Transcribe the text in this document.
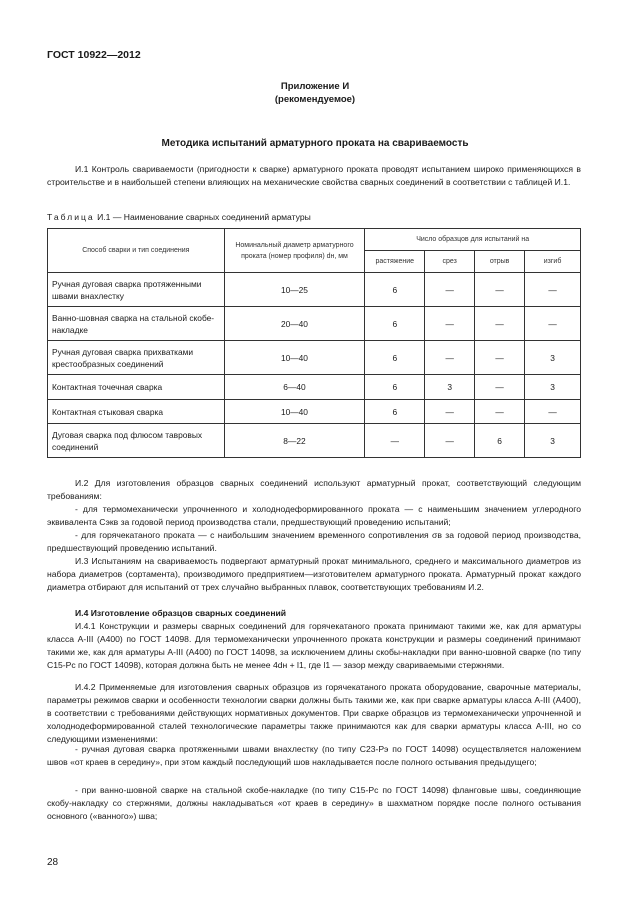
ГОСТ 10922—2012
Приложение И
(рекомендуемое)
Методика испытаний арматурного проката на свариваемость
И.1 Контроль свариваемости (пригодности к сварке) арматурного проката проводят испытанием широко применяющихся в строительстве и в наибольшей степени влияющих на механические свойства сварных соединений в соответствии с таблицей И.1.
Таблица И.1 — Наименование сварных соединений арматуры
Способ сварки и тип соединения	Номинальный диаметр арматурного проката (номер профиля) dн, мм	Число образцов для испытаний на			
		растяжение	срез	отрыв	изгиб
Ручная дуговая сварка протяженными швами внахлестку	10—25	6	—	—	—
Ванно-шовная сварка на стальной скобе-накладке	20—40	6	—	—	—
Ручная дуговая сварка прихватками крестообразных соединений	10—40	6	—	—	3
Контактная точечная сварка	6—40	6	3	—	3
Контактная стыковая сварка	10—40	6	—	—	—
Дуговая сварка под флюсом тавровых соединений	8—22	—	—	6	3
И.2 Для изготовления образцов сварных соединений используют арматурный прокат, соответствующий следующим требованиям:
- для термомеханически упрочненного и холоднодеформированного проката — с наименьшим значением углеродного эквивалента Сэкв за годовой период производства стали, предшествующий проведению испытаний;
- для горячекатаного проката — с наибольшим значением временного сопротивления σв за годовой период производства, предшествующий проведению испытаний.
И.3 Испытаниям на свариваемость подвергают арматурный прокат минимального, среднего и максимального диаметров из набора диаметров (сортамента), производимого предприятием—изготовителем арматурного проката. Арматурный прокат каждого диаметра отбирают для испытаний от трех случайно выбранных плавок, соответствующих требованиям И.2.
И.4 Изготовление образцов сварных соединений
И.4.1 Конструкции и размеры сварных соединений для горячекатаного проката принимают такими же, как для арматуры класса А-III (А400) по ГОСТ 14098. Для термомеханически упрочненного проката конструкции и размеры соединений принимают такими же, как для арматуры А-III (А400) по ГОСТ 14098, за исключением длины скобы-накладки при ванно-шовной сварке (по типу С15-Рс по ГОСТ 14098), которая должна быть не менее 4dн + l1, где l1 — зазор между свариваемыми стержнями.
И.4.2 Применяемые для изготовления сварных образцов из горячекатаного проката оборудование, сварочные материалы, параметры режимов сварки и особенности технологии сварки должны быть такими же, как при сварке арматуры класса А-III (А400), в соответствии с требованиями действующих нормативных документов. При сварке образцов из термомеханически упрочненной и холоднодеформированной сталей технологические параметры также принимаются как для сварки арматуры класса А-III, но со следующими изменениями:
- ручная дуговая сварка протяженными швами внахлестку (по типу С23-Рэ по ГОСТ 14098) осуществляется наложением швов «от краев в середину», при этом каждый последующий шов накладывается после полного остывания предыдущего;
- при ванно-шовной сварке на стальной скобе-накладке (по типу С15-Рс по ГОСТ 14098) фланговые швы, соединяющие скобу-накладку со стержнями, должны накладываться «от краев в середину» в шахматном порядке после полного остывания основного («ванного») шва;
28
